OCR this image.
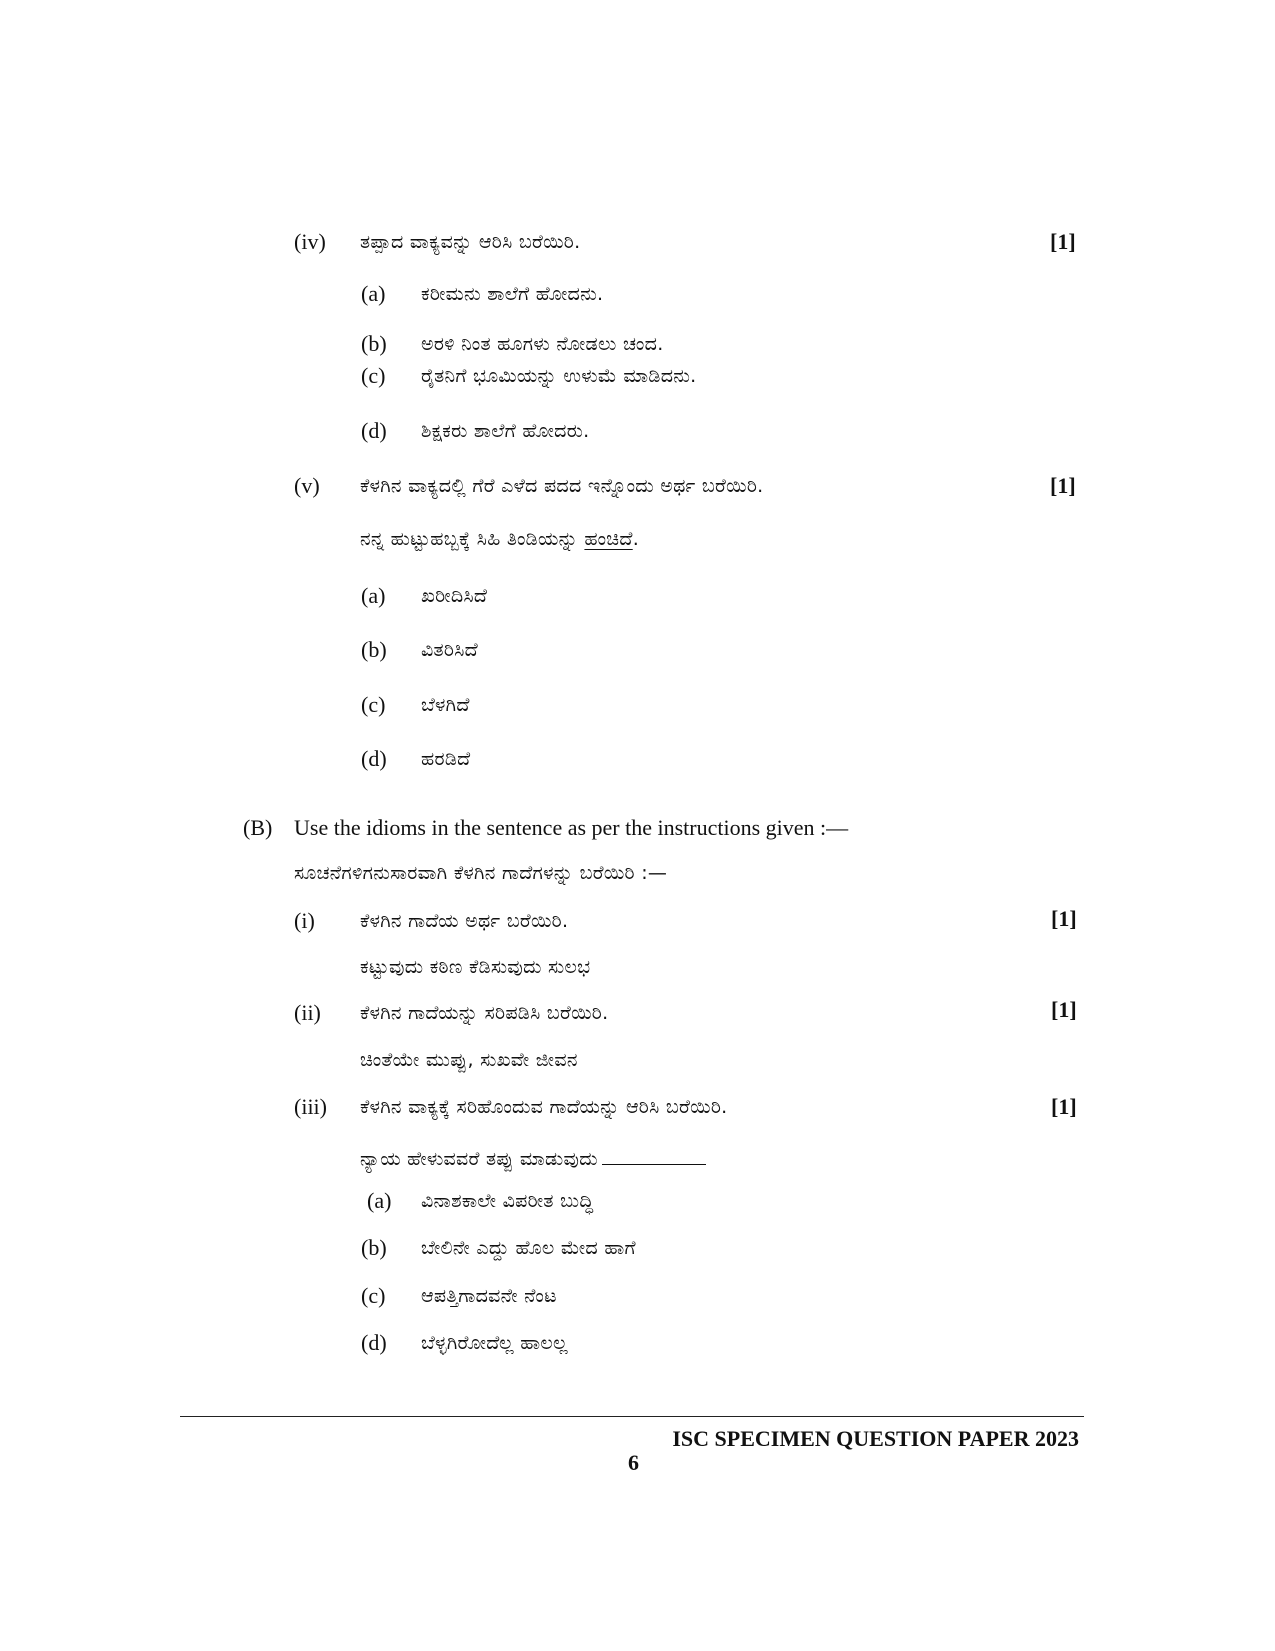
(iv) ತಪ್ಪಾದ ವಾಕ್ಯವನ್ನು ಆರಿಸಿ ಬರೆಯಿರಿ.	[1]
(a) ಕರೀಮನು ಶಾಲೆಗೆ ಹೋದನು.
(b) ಅರಳಿ ನಿಂತ ಹೂಗಳು ನೋಡಲು ಚಂದ.
(c) ರೈತನಿಗೆ ಭೂಮಿಯನ್ನು ಉಳುಮೆ ಮಾಡಿದನು.
(d) ಶಿಕ್ಷಕರು ಶಾಲೆಗೆ ಹೋದರು.
(v) ಕೆಳಗಿನ ವಾಕ್ಯದಲ್ಲಿ ಗೆರೆ ಎಳೆದ ಪದದ ಇನ್ನೊಂದು ಅರ್ಥ ಬರೆಯಿರಿ.	[1]
ನನ್ನ ಹುಟ್ಟುಹಬ್ಬಕ್ಕೆ ಸಿಹಿ ತಿಂಡಿಯನ್ನು ಹಂಚಿದೆ.
(a) ಖರೀದಿಸಿದೆ
(b) ವಿತರಿಸಿದೆ
(c) ಬೆಳಗಿದೆ
(d) ಹರಡಿದೆ
(B) Use the idioms in the sentence as per the instructions given :—
ಸೂಚನೆಗಳಿಗನುಸಾರವಾಗಿ ಕೆಳಗಿನ ಗಾದೆಗಳನ್ನು ಬರೆಯಿರಿ :—
(i) ಕೆಳಗಿನ ಗಾದೆಯ ಅರ್ಥ ಬರೆಯಿರಿ.	[1]
ಕಟ್ಟುವುದು ಕಠಿಣ ಕೆಡಿಸುವುದು ಸುಲಭ
(ii) ಕೆಳಗಿನ ಗಾದೆಯನ್ನು ಸರಿಪಡಿಸಿ ಬರೆಯಿರಿ.	[1]
ಚಿಂತೆಯೇ ಮುಪ್ಪು, ಸುಖವೇ ಜೀವನ
(iii) ಕೆಳಗಿನ ವಾಕ್ಯಕ್ಕೆ ಸರಿಹೊಂದುವ ಗಾದೆಯನ್ನು ಆರಿಸಿ ಬರೆಯಿರಿ.	[1]
ನ್ಯಾಯ ಹೇಳುವವರೆ ತಪ್ಪು ಮಾಡುವುದು
(a) ವಿನಾಶಕಾಲೇ ವಿಪರೀತ ಬುದ್ಧಿ
(b) ಬೇಲಿನೇ ಎದ್ದು ಹೊಲ ಮೇದ ಹಾಗೆ
(c) ಆಪತ್ತಿಗಾದವನೇ ನೆಂಟ
(d) ಬೆಳ್ಳಗಿರೋದೆಲ್ಲ ಹಾಲಲ್ಲ
ISC SPECIMEN QUESTION PAPER 2023
6
